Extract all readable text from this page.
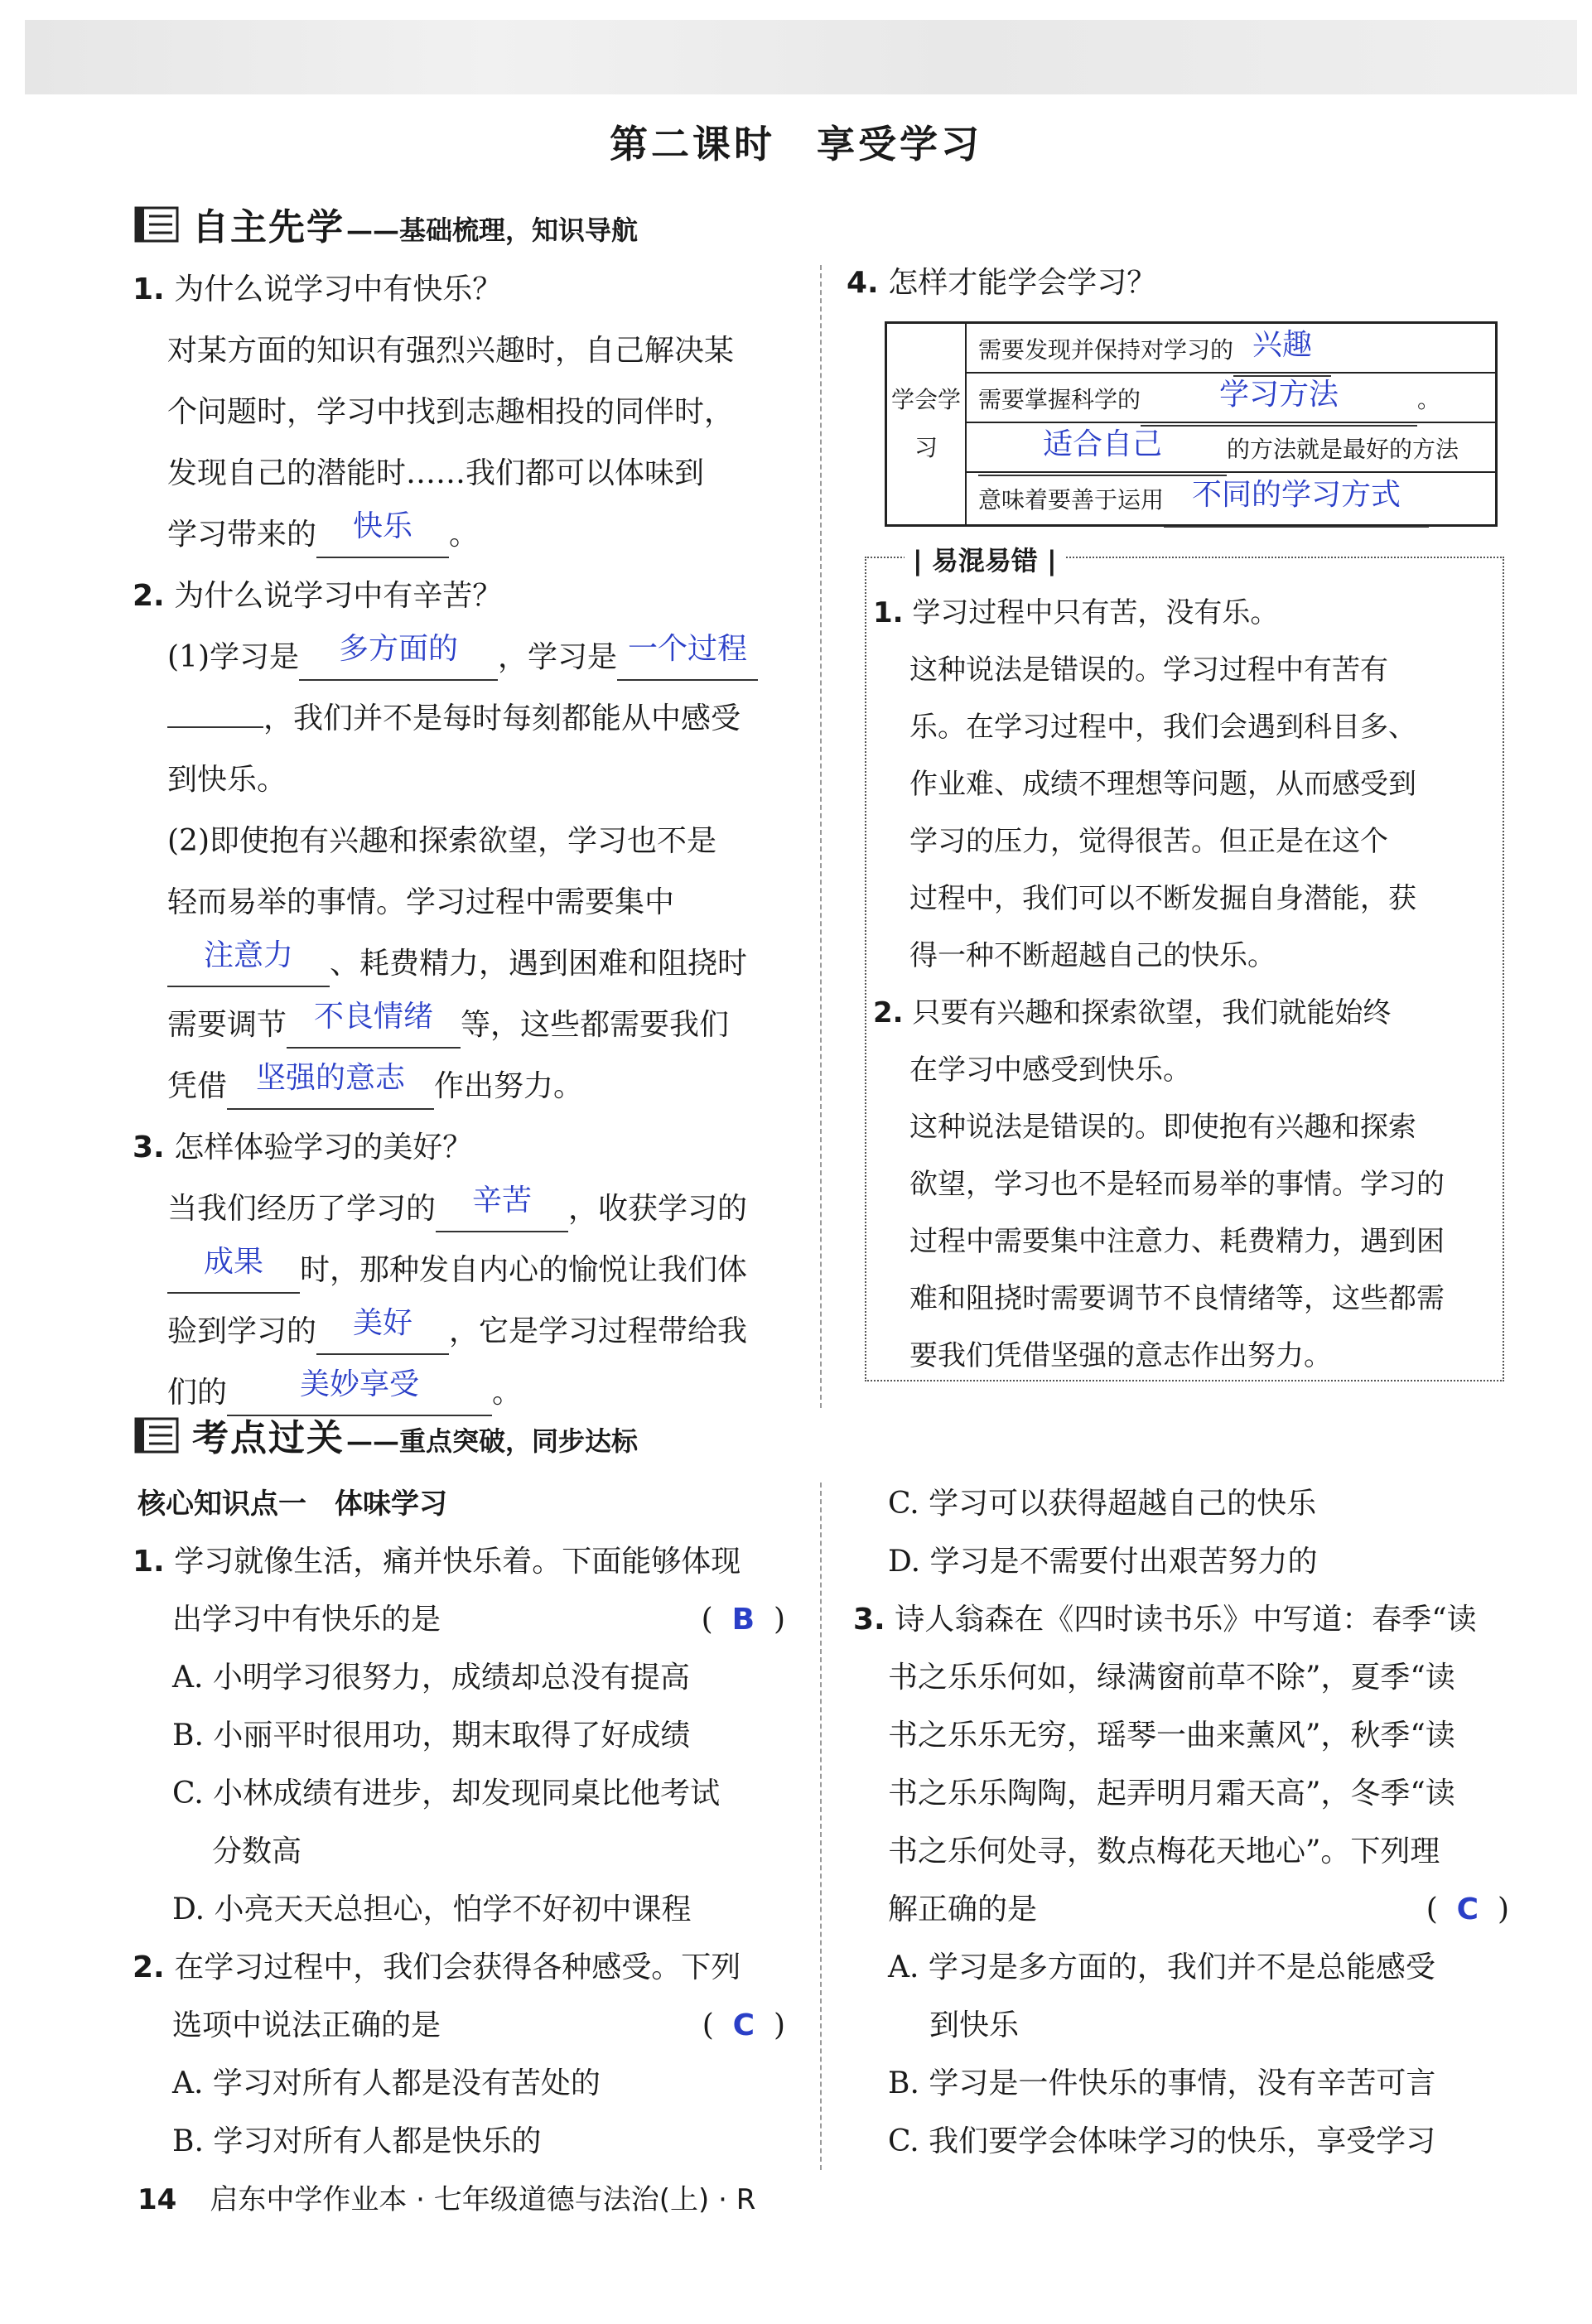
第二课时　享受学习
自主先学 ——基础梳理，知识导航
1. 为什么说学习中有快乐？
对某方面的知识有强烈兴趣时，自己解决某
个问题时，学习中找到志趣相投的同伴时，
发现自己的潜能时……我们都可以体味到
学习带来的 快乐 。
2. 为什么说学习中有辛苦？
(1)学习是 多方面的 ，学习是 一个过程
，我们并不是每时每刻都能从中感受
到快乐。
(2)即使抱有兴趣和探索欲望，学习也不是
轻而易举的事情。学习过程中需要集中
注意力 、耗费精力，遇到困难和阻挠时
需要调节 不良情绪 等，这些都需要我们
凭借 坚强的意志 作出努力。
3. 怎样体验学习的美好？
当我们经历了学习的 辛苦 ，收获学习的
成果 时，那种发自内心的愉悦让我们体
验到学习的 美好 ，它是学习过程带给我
们的 美妙享受 。
4. 怎样才能学会学习？
学会学习
需要发现并保持对学习的 兴趣
需要掌握科学的	学习方法	。
适合自己	的方法就是最好的方法
意味着要善于运用 不同的学习方式
| 易混易错 |
1. 学习过程中只有苦，没有乐。
这种说法是错误的。学习过程中有苦有
乐。在学习过程中，我们会遇到科目多、
作业难、成绩不理想等问题，从而感受到
学习的压力，觉得很苦。但正是在这个
过程中，我们可以不断发掘自身潜能，获
得一种不断超越自己的快乐。
2. 只要有兴趣和探索欲望，我们就能始终
在学习中感受到快乐。
这种说法是错误的。即使抱有兴趣和探索
欲望，学习也不是轻而易举的事情。学习的
过程中需要集中注意力、耗费精力，遇到困
难和阻挠时需要调节不良情绪等，这些都需
要我们凭借坚强的意志作出努力。
考点过关 ——重点突破，同步达标
核心知识点一　体味学习
1. 学习就像生活，痛并快乐着。下面能够体现
出学习中有快乐的是	(  B  )
A. 小明学习很努力，成绩却总没有提高
B. 小丽平时很用功，期末取得了好成绩
C. 小林成绩有进步，却发现同桌比他考试
分数高
D. 小亮天天总担心，怕学不好初中课程
2. 在学习过程中，我们会获得各种感受。下列
选项中说法正确的是	(  C  )
A. 学习对所有人都是没有苦处的
B. 学习对所有人都是快乐的
C. 学习可以获得超越自己的快乐
D. 学习是不需要付出艰苦努力的
3. 诗人翁森在《四时读书乐》中写道：春季“读
书之乐乐何如，绿满窗前草不除”，夏季“读
书之乐乐无穷，瑶琴一曲来薰风”，秋季“读
书之乐乐陶陶，起弄明月霜天高”，冬季“读
书之乐何处寻，数点梅花天地心”。下列理
解正确的是	(  C  )
A. 学习是多方面的，我们并不是总能感受
到快乐
B. 学习是一件快乐的事情，没有辛苦可言
C. 我们要学会体味学习的快乐，享受学习
14 启东中学作业本 · 七年级道德与法治(上) · R
